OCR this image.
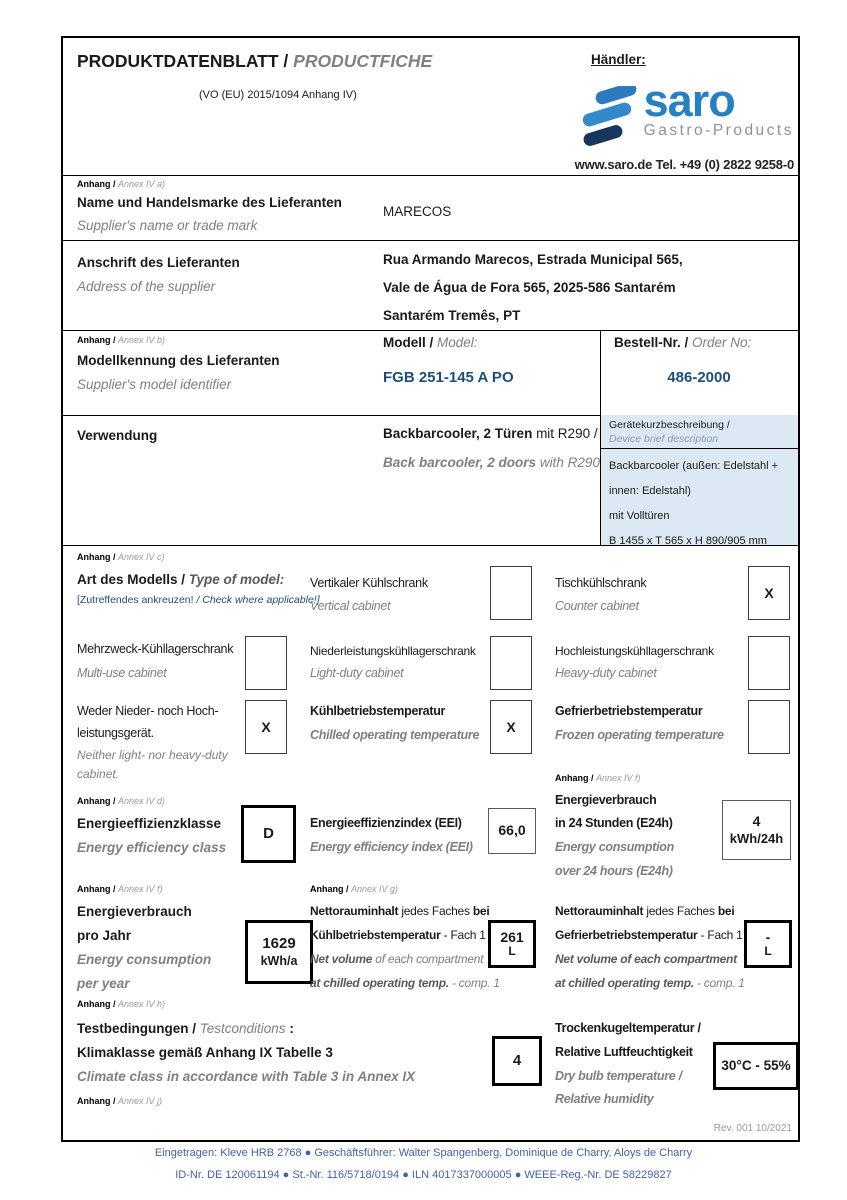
PRODUKTDATENBLATT / PRODUCTFICHE
(VO (EU) 2015/1094 Anhang IV)
Händler:
saro
Gastro-Products
www.saro.de Tel. +49 (0) 2822 9258-0
Anhang / Annex IV a)
Name und Handelsmarke des Lieferanten
Supplier's name or trade mark
MARECOS
Anschrift des Lieferanten
Address of the supplier
Rua Armando Marecos, Estrada Municipal 565,
Vale de Água de Fora 565, 2025-586 Santarém
Santarém Tremês, PT
Anhang / Annex IV b)
Modellkennung des Lieferanten
Supplier's model identifier
Modell / Model:
FGB 251-145 A PO
Bestell-Nr. / Order No:
486-2000
Verwendung	Backbarcooler, 2 Türen mit R290 /
Back barcooler, 2 doors with R290
Gerätekurzbeschreibung /
Device brief description
Backbarcooler (außen: Edelstahl +
innen: Edelstahl)
mit Volltüren
B 1455 x T 565 x H 890/905 mm
Anhang / Annex IV c)
Art des Modells / Type of model:
[Zutreffendes ankreuzen! / Check where applicable!]
Vertikaler Kühlschrank
Vertical cabinet
Tischkühlschrank
Counter cabinet
X
Mehrzweck-Kühllagerschrank
Multi-use cabinet
Niederleistungskühllagerschrank
Light-duty cabinet
Hochleistungskühllagerschrank
Heavy-duty cabinet
Weder Nieder- noch Hoch-
leistungsgerät.
Neither light- nor heavy-duty
cabinet.
X
Kühlbetriebstemperatur
Chilled operating temperature	X
Gefrierbetriebstemperatur
Frozen operating temperature
Anhang / Annex IV d)
Energieeffizienzklasse
Energy efficiency class
D
Energieeffizienzindex (EEI)
Energy efficiency index (EEI)
66,0
Anhang / Annex IV f)
Energieverbrauch
in 24 Stunden (E24h)
Energy consumption
over 24 hours (E24h)
4
kWh/24h
Anhang / Annex IV f)
Energieverbrauch
pro Jahr
Energy consumption
per year
1629
kWh/a
Anhang / Annex IV g)
Nettorauminhalt jedes Faches bei
Kühlbetriebstemperatur - Fach 1
Net volume of each compartment
at chilled operating temp. - comp. 1
261
L
Nettorauminhalt jedes Faches bei
Gefrierbetriebstemperatur - Fach 1
Net volume of each compartment
at chilled operating temp. - comp. 1
-
L
Anhang / Annex IV h)
Testbedingungen / Testconditions :
Klimaklasse gemäß Anhang IX Tabelle 3
Climate class in accordance with Table 3 in Annex IX
4
Trockenkugeltemperatur /
Relative Luftfeuchtigkeit
Dry bulb temperature /
Relative humidity
30°C - 55%
Anhang / Annex IV j)
Rev. 001 10/2021
Eingetragen: Kleve HRB 2768 ● Geschäftsführer: Walter Spangenberg, Dominique de Charry, Aloys de Charry
ID-Nr. DE 120061194 ● St.-Nr. 116/5718/0194 ● ILN 4017337000005 ● WEEE-Reg.-Nr. DE 58229827
